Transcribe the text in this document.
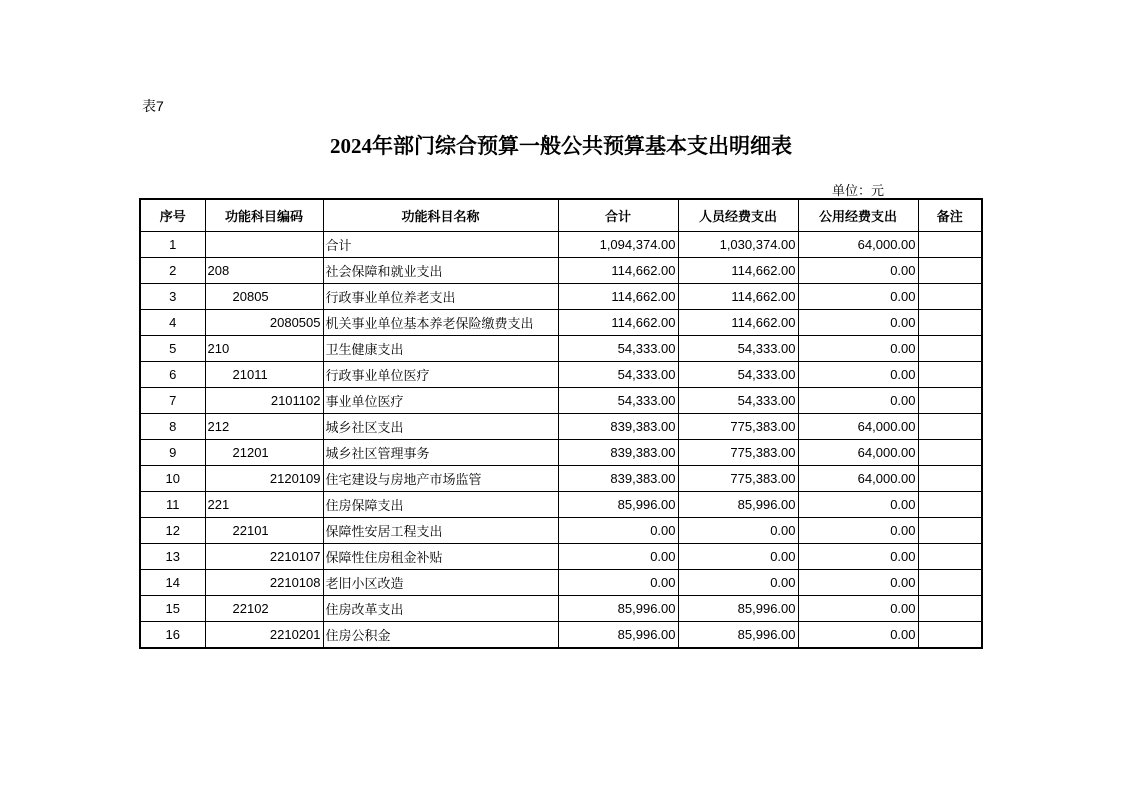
表7
2024年部门综合预算一般公共预算基本支出明细表
单位：元
序号	功能科目编码	功能科目名称	合计	人员经费支出	公用经费支出	备注
1		合计	1,094,374.00	1,030,374.00	64,000.00	
2	208	社会保障和就业支出	114,662.00	114,662.00	0.00	
3	20805	行政事业单位养老支出	114,662.00	114,662.00	0.00	
4	2080505	机关事业单位基本养老保险缴费支出	114,662.00	114,662.00	0.00	
5	210	卫生健康支出	54,333.00	54,333.00	0.00	
6	21011	行政事业单位医疗	54,333.00	54,333.00	0.00	
7	2101102	事业单位医疗	54,333.00	54,333.00	0.00	
8	212	城乡社区支出	839,383.00	775,383.00	64,000.00	
9	21201	城乡社区管理事务	839,383.00	775,383.00	64,000.00	
10	2120109	住宅建设与房地产市场监管	839,383.00	775,383.00	64,000.00	
11	221	住房保障支出	85,996.00	85,996.00	0.00	
12	22101	保障性安居工程支出	0.00	0.00	0.00	
13	2210107	保障性住房租金补贴	0.00	0.00	0.00	
14	2210108	老旧小区改造	0.00	0.00	0.00	
15	22102	住房改革支出	85,996.00	85,996.00	0.00	
16	2210201	住房公积金	85,996.00	85,996.00	0.00	
